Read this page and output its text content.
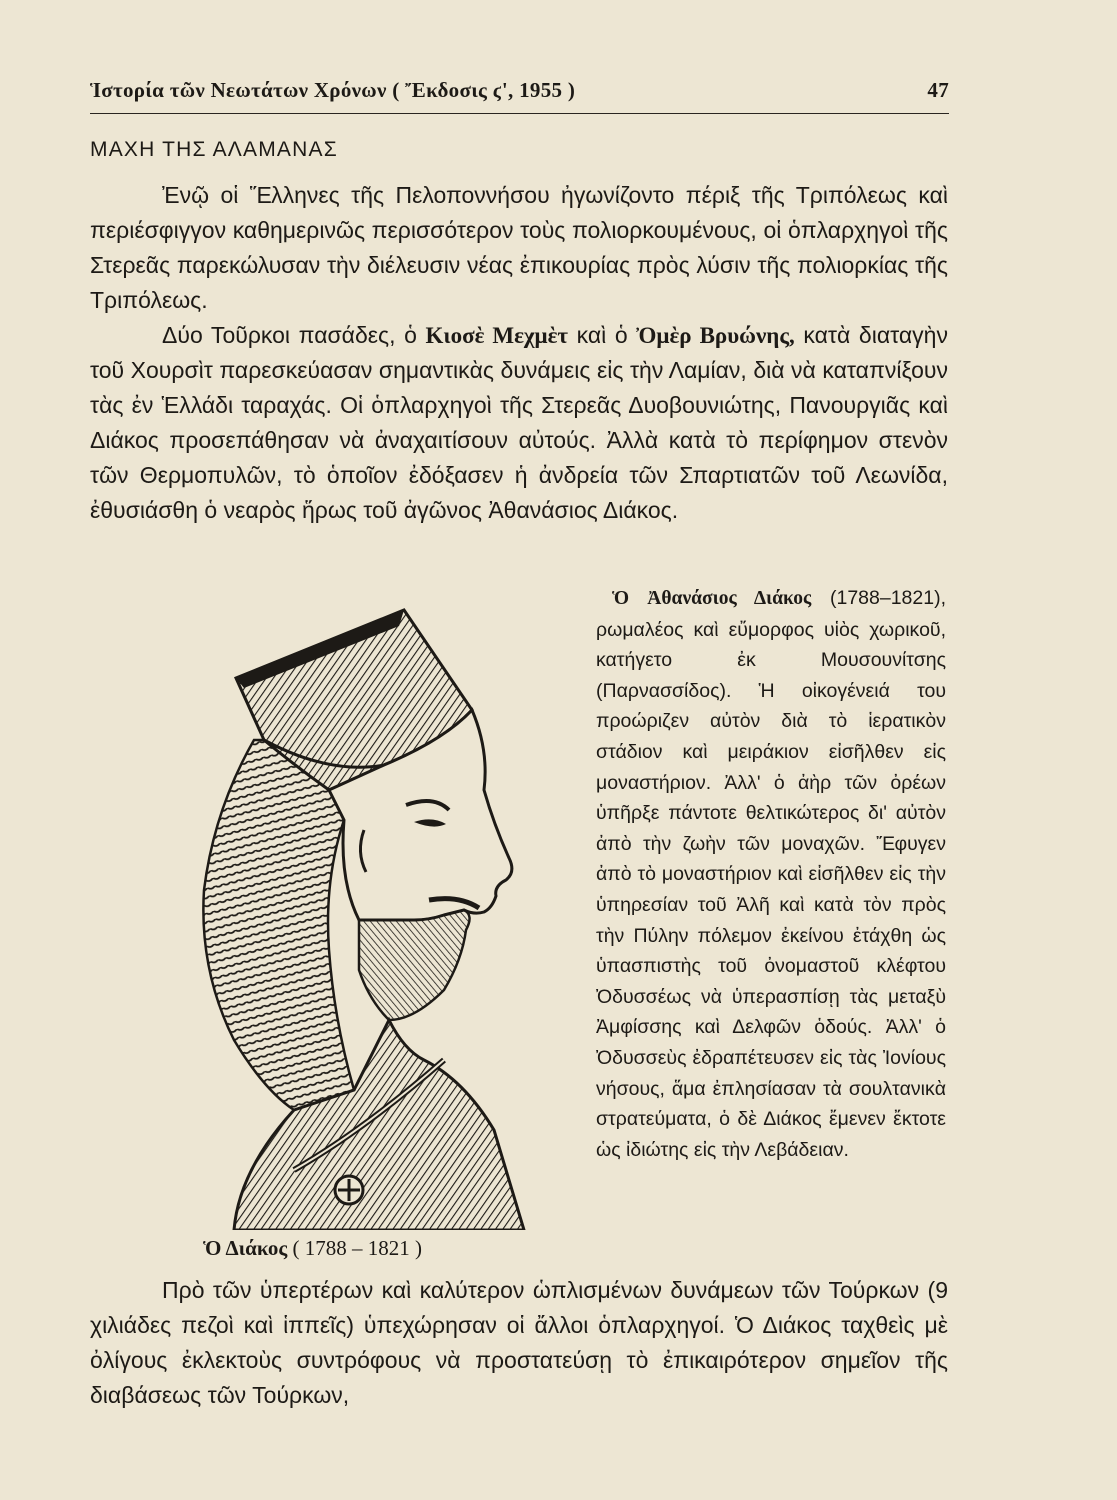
Ἱστορία τῶν Νεωτάτων Χρόνων ( Ἔκδοσις ϛ', 1955 )	47
ΜΑΧΗ ΤΗΣ ΑΛΑΜΑΝΑΣ

Ἐνῷ οἱ Ἕλληνες τῆς Πελοποννήσου ἠγωνίζοντο πέριξ τῆς Τριπόλεως καὶ περιέσφιγγον καθημερινῶς περισσότερον τοὺς πολιορκουμένους, οἱ ὁπλαρχηγοὶ τῆς Στερεᾶς παρεκώλυσαν τὴν διέλευσιν νέας ἐπικουρίας πρὸς λύσιν τῆς πολιορκίας τῆς Τριπόλεως.

Δύο Τοῦρκοι πασάδες, ὁ Κιοσὲ Μεχμὲτ καὶ ὁ Ὀμὲρ Βρυώνης, κατὰ διαταγὴν τοῦ Χουρσὶτ παρεσκεύασαν σημαντικὰς δυνάμεις εἰς τὴν Λαμίαν, διὰ νὰ καταπνίξουν τὰς ἐν Ἑλλάδι ταραχάς. Οἱ ὁπλαρχηγοὶ τῆς Στερεᾶς Δυοβουνιώτης, Πανουργιᾶς καὶ Διάκος προσεπάθησαν νὰ ἀναχαιτίσουν αὐτούς. Ἀλλὰ κατὰ τὸ περίφημον στενὸν τῶν Θερμοπυλῶν, τὸ ὁποῖον ἐδόξασεν ἡ ἀνδρεία τῶν Σπαρτιατῶν τοῦ Λεωνίδα, ἐθυσιάσθη ὁ νεαρὸς ἥρως τοῦ ἀγῶνος Ἀθανάσιος Διάκος.

Ὁ Διάκος ( 1788 – 1821 )

Ὁ Ἀθανάσιος Διάκος (1788–1821), ρωμαλέος καὶ εὔμορφος υἱὸς χωρικοῦ, κατήγετο ἐκ Μουσουνίτσης (Παρνασσίδος). Ἡ οἰκογένειά του προώριζεν αὐτὸν διὰ τὸ ἱερατικὸν στάδιον καὶ μειράκιον εἰσῆλθεν εἰς μοναστήριον. Ἀλλ' ὁ ἀὴρ τῶν ὀρέων ὑπῆρξε πάντοτε θελτικώτερος δι' αὐτὸν ἀπὸ τὴν ζωὴν τῶν μοναχῶν. Ἔφυγεν ἀπὸ τὸ μοναστήριον καὶ εἰσῆλθεν εἰς τὴν ὑπηρεσίαν τοῦ Ἀλῆ καὶ κατὰ τὸν πρὸς τὴν Πύλην πόλεμον ἐκείνου ἐτάχθη ὡς ὑπασπιστὴς τοῦ ὀνομαστοῦ κλέφτου Ὀδυσσέως νὰ ὑπερασπίσῃ τὰς μεταξὺ Ἀμφίσσης καὶ Δελφῶν ὁδούς. Ἀλλ' ὁ Ὀδυσσεὺς ἐδραπέτευσεν εἰς τὰς Ἰονίους νήσους, ἅμα ἐπλησίασαν τὰ σουλτανικὰ στρατεύματα, ὁ δὲ Διάκος ἔμενεν ἔκτοτε ὡς ἰδιώτης εἰς τὴν Λεβάδειαν.

Πρὸ τῶν ὑπερτέρων καὶ καλύτερον ὡπλισμένων δυνάμεων τῶν Τούρκων (9 χιλιάδες πεζοὶ καὶ ἱππεῖς) ὑπεχώρησαν οἱ ἄλλοι ὁπλαρχηγοί. Ὁ Διάκος ταχθεὶς μὲ ὀλίγους ἐκλεκτοὺς συντρόφους νὰ προστατεύσῃ τὸ ἐπικαιρότερον σημεῖον τῆς διαβάσεως τῶν Τούρκων,
